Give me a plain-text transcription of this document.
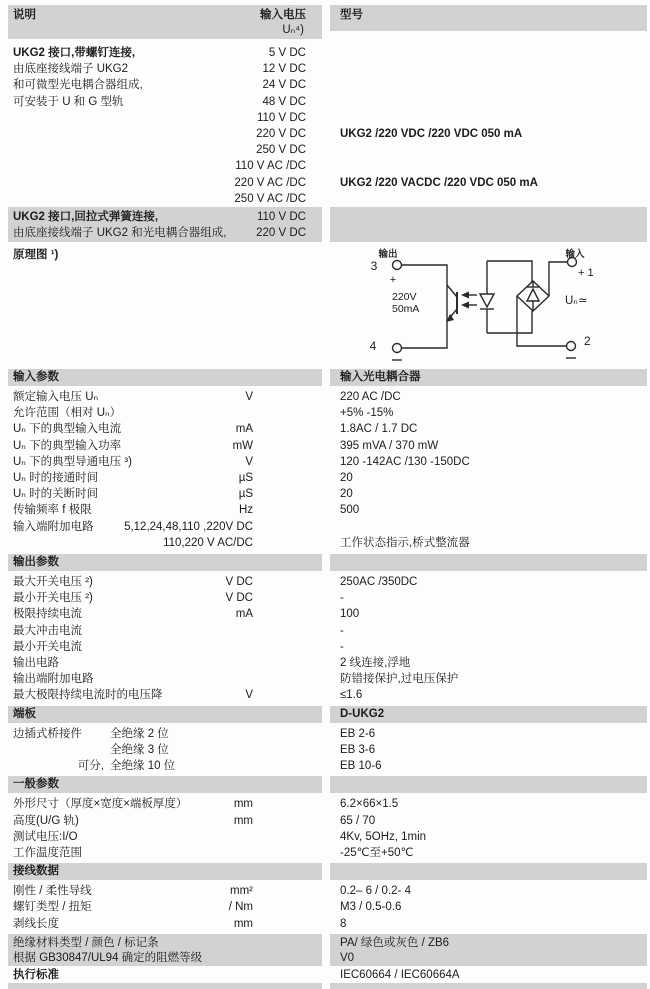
说明	输入电压
Uₙ⁴)
型号
UKG2 接口,带螺钉连接,	5 V DC
由底座接线端子 UKG2	12 V DC
和可微型光电耦合器组成,	24 V DC
可安装于 U 和 G 型轨	48 V DC
110 V DC
220 V DC	UKG2 /220 VDC /220 VDC 050 mA
250 V DC
110 V AC /DC
220 V AC /DC	UKG2 /220 VACDC /220 VDC 050 mA
250 V AC /DC
UKG2 接口,回拉式弹簧连接,	110 V DC
由底座接线端子 UKG2 和光电耦合器组成,	220 V DC
原理图 ¹)	输出	输入
3
+
4
+ 1
2
220V
50mA
Uₙ≃
输入参数	输入光电耦合器
额定输入电压 Uₙ	V	220 AC /DC
允许范围（相对 Uₙ）	+5% -15%
Uₙ 下的典型输入电流	mA	1.8AC / 1.7 DC
Uₙ 下的典型输入功率	mW	395 mVA / 370 mW
Uₙ 下的典型导通电压 ³)	V	120 -142AC /130 -150DC
Uₙ 时的接通时间	µS	20
Uₙ 时的关断时间	µS	20
传输频率 f 极限	Hz	500
输入端附加电路	5,12,24,48,110 ,220V DC
110,220 V AC/DC	工作状态指示,桥式整流器
输出参数
最大开关电压 ²)	V DC	250AC /350DC
最小开关电压 ²)	V DC	-
极限持续电流	mA	100
最大冲击电流	-
最小开关电流	-
输出电路	2 线连接,浮地
输出端附加电路	防错接保护,过电压保护
最大极限持续电流时的电压降	V	≤1.6
端板	D-UKG2
边插式桥接件	全绝缘 2 位	EB 2-6
全绝缘 3 位	EB 3-6
可分, 全绝缘 10 位	EB 10-6
一般参数
外形尺寸（厚度×宽度×端板厚度）	mm	6.2×66×1.5
高度(U/G 轨)	mm	65 / 70
测试电压:I/O	4Kv, 5OHz, 1min
工作温度范围	-25℃至+50℃
接线数据
刚性 / 柔性导线	mm²	0.2– 6 / 0.2- 4
螺钉类型 / 扭矩	/ Nm	M3 / 0.5-0.6
剥线长度	mm	8
绝缘材料类型 / 颜色 / 标记条
根据 GB30847/UL94 确定的阻燃等级
PA/ 绿色或灰色 / ZB6
V0
执行标准	IEC60664 / IEC60664A
